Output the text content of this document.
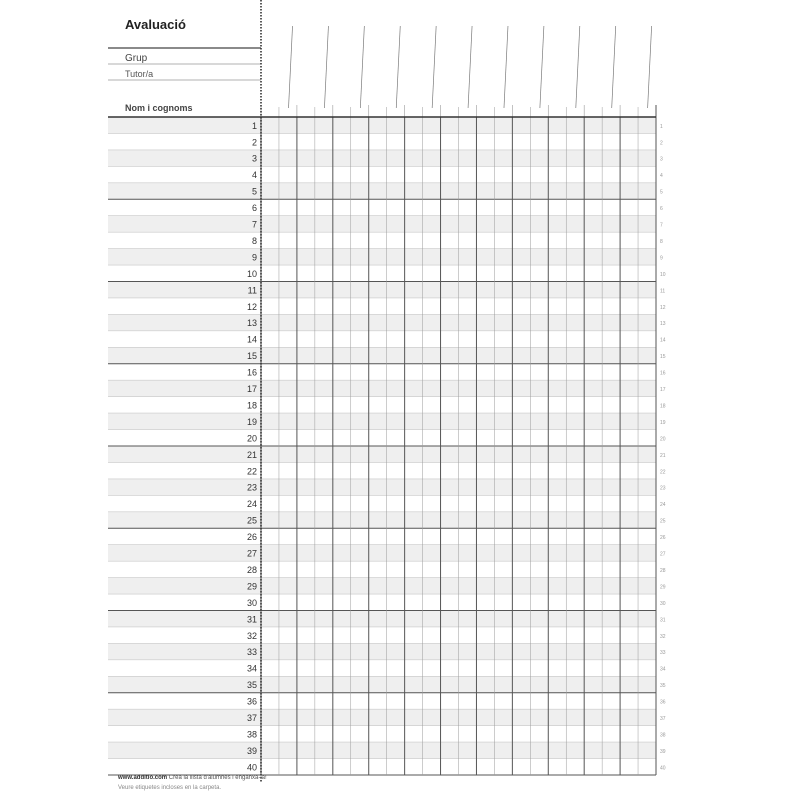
1	1
2	2
3	3
4	4
5	5
6	6
7	7
8	8
9	9
10	10
11	11
12	12
13	13
14	14
15	15
16	16
17	17
18	18
19	19
20	20
21	21
22	22
23	23
24	24
25	25
26	26
27	27
28	28
29	29
30	30
31	31
32	32
33	33
34	34
35	35
36	36
37	37
38	38
39	39
40	40
Avaluació
Grup
Tutor/a
Nom i cognoms
www.additio.com Crea la llista d'alumnes i enganxa-la!
Veure etiquetes incloses en la carpeta.
